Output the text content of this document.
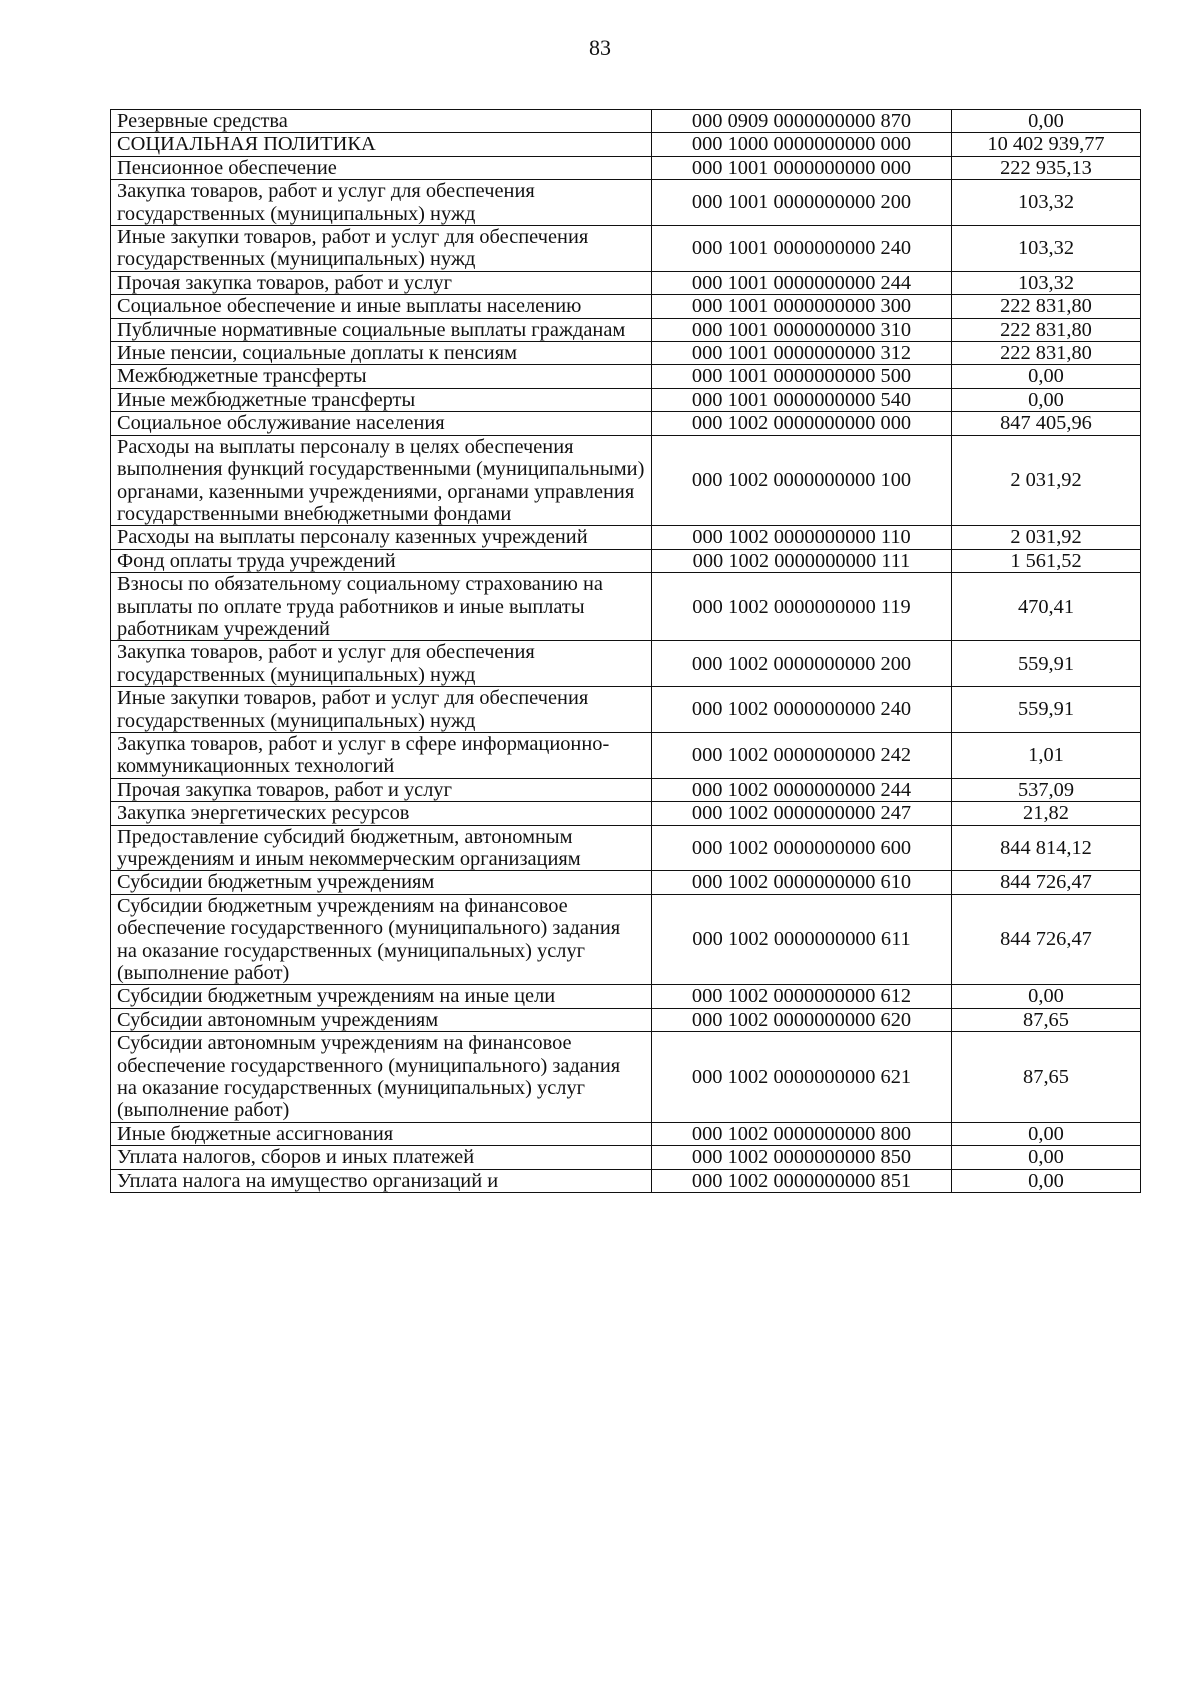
83
Резервные средства	000 0909 0000000000 870	0,00
СОЦИАЛЬНАЯ ПОЛИТИКА	000 1000 0000000000 000	10 402 939,77
Пенсионное обеспечение	000 1001 0000000000 000	222 935,13
Закупка товаров, работ и услуг для обеспечения государственных (муниципальных) нужд	000 1001 0000000000 200	103,32
Иные закупки товаров, работ и услуг для обеспечения государственных (муниципальных) нужд	000 1001 0000000000 240	103,32
Прочая закупка товаров, работ и услуг	000 1001 0000000000 244	103,32
Социальное обеспечение и иные выплаты населению	000 1001 0000000000 300	222 831,80
Публичные нормативные социальные выплаты гражданам	000 1001 0000000000 310	222 831,80
Иные пенсии, социальные доплаты к пенсиям	000 1001 0000000000 312	222 831,80
Межбюджетные трансферты	000 1001 0000000000 500	0,00
Иные межбюджетные трансферты	000 1001 0000000000 540	0,00
Социальное обслуживание населения	000 1002 0000000000 000	847 405,96
Расходы на выплаты персоналу в целях обеспечения выполнения функций государственными (муниципальными) органами, казенными учреждениями, органами управления государственными внебюджетными фондами	000 1002 0000000000 100	2 031,92
Расходы на выплаты персоналу казенных учреждений	000 1002 0000000000 110	2 031,92
Фонд оплаты труда учреждений	000 1002 0000000000 111	1 561,52
Взносы по обязательному социальному страхованию на выплаты по оплате труда работников и иные выплаты работникам учреждений	000 1002 0000000000 119	470,41
Закупка товаров, работ и услуг для обеспечения государственных (муниципальных) нужд	000 1002 0000000000 200	559,91
Иные закупки товаров, работ и услуг для обеспечения государственных (муниципальных) нужд	000 1002 0000000000 240	559,91
Закупка товаров, работ и услуг в сфере информационно-коммуникационных технологий	000 1002 0000000000 242	1,01
Прочая закупка товаров, работ и услуг	000 1002 0000000000 244	537,09
Закупка энергетических ресурсов	000 1002 0000000000 247	21,82
Предоставление субсидий бюджетным, автономным учреждениям и иным некоммерческим организациям	000 1002 0000000000 600	844 814,12
Субсидии бюджетным учреждениям	000 1002 0000000000 610	844 726,47
Субсидии бюджетным учреждениям на финансовое обеспечение государственного (муниципального) задания на оказание государственных (муниципальных) услуг (выполнение работ)	000 1002 0000000000 611	844 726,47
Субсидии бюджетным учреждениям на иные цели	000 1002 0000000000 612	0,00
Субсидии автономным учреждениям	000 1002 0000000000 620	87,65
Субсидии автономным учреждениям на финансовое обеспечение государственного (муниципального) задания на оказание государственных (муниципальных) услуг (выполнение работ)	000 1002 0000000000 621	87,65
Иные бюджетные ассигнования	000 1002 0000000000 800	0,00
Уплата налогов, сборов и иных платежей	000 1002 0000000000 850	0,00
Уплата налога на имущество организаций и	000 1002 0000000000 851	0,00
